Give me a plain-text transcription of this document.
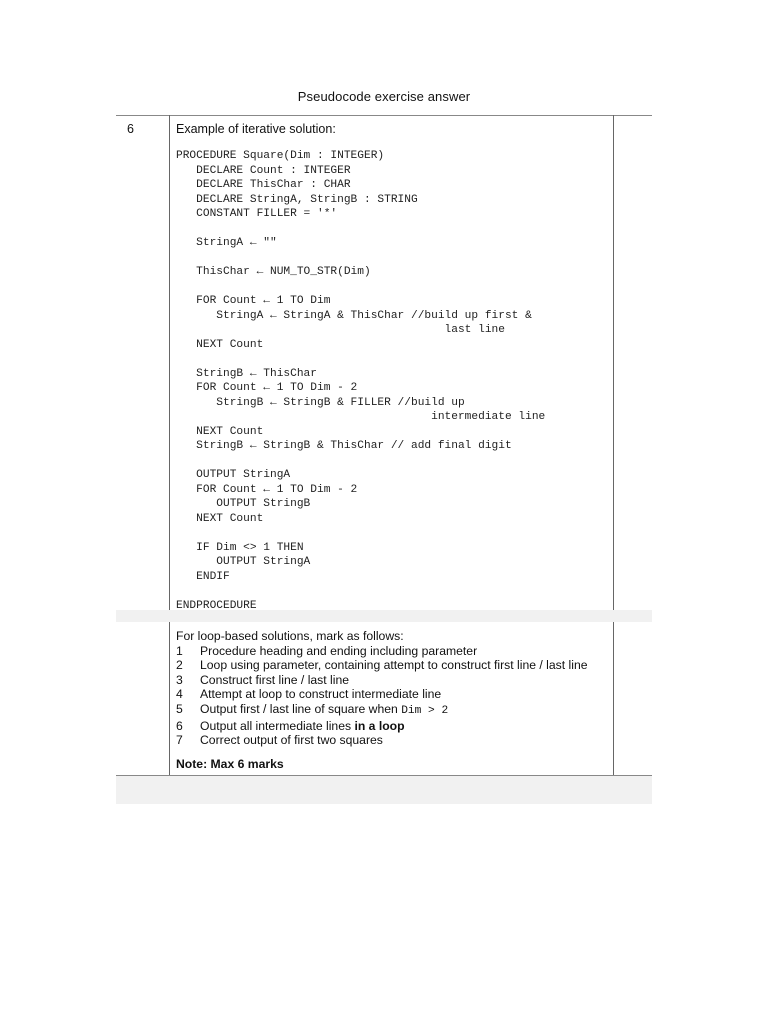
Pseudocode exercise answer
6	Example of iterative solution:
PROCEDURE Square(Dim : INTEGER)
DECLARE Count : INTEGER
DECLARE ThisChar : CHAR
DECLARE StringA, StringB : STRING
CONSTANT FILLER = '*'

StringA ← ""

ThisChar ← NUM_TO_STR(Dim)

FOR Count ← 1 TO Dim
StringA ← StringA & ThisChar //build up first &
last line
NEXT Count

StringB ← ThisChar
FOR Count ← 1 TO Dim - 2
StringB ← StringB & FILLER //build up
intermediate line
NEXT Count
StringB ← StringB & ThisChar // add final digit

OUTPUT StringA
FOR Count ← 1 TO Dim - 2
OUTPUT StringB
NEXT Count

IF Dim <> 1 THEN
OUTPUT StringA
ENDIF

ENDPROCEDURE
For loop-based solutions, mark as follows:
1 Procedure heading and ending including parameter
2 Loop using parameter, containing attempt to construct first line / last line
3 Construct first line / last line
4 Attempt at loop to construct intermediate line
5 Output first / last line of square when Dim > 2
6 Output all intermediate lines in a loop
7 Correct output of first two squares
Note: Max 6 marks
